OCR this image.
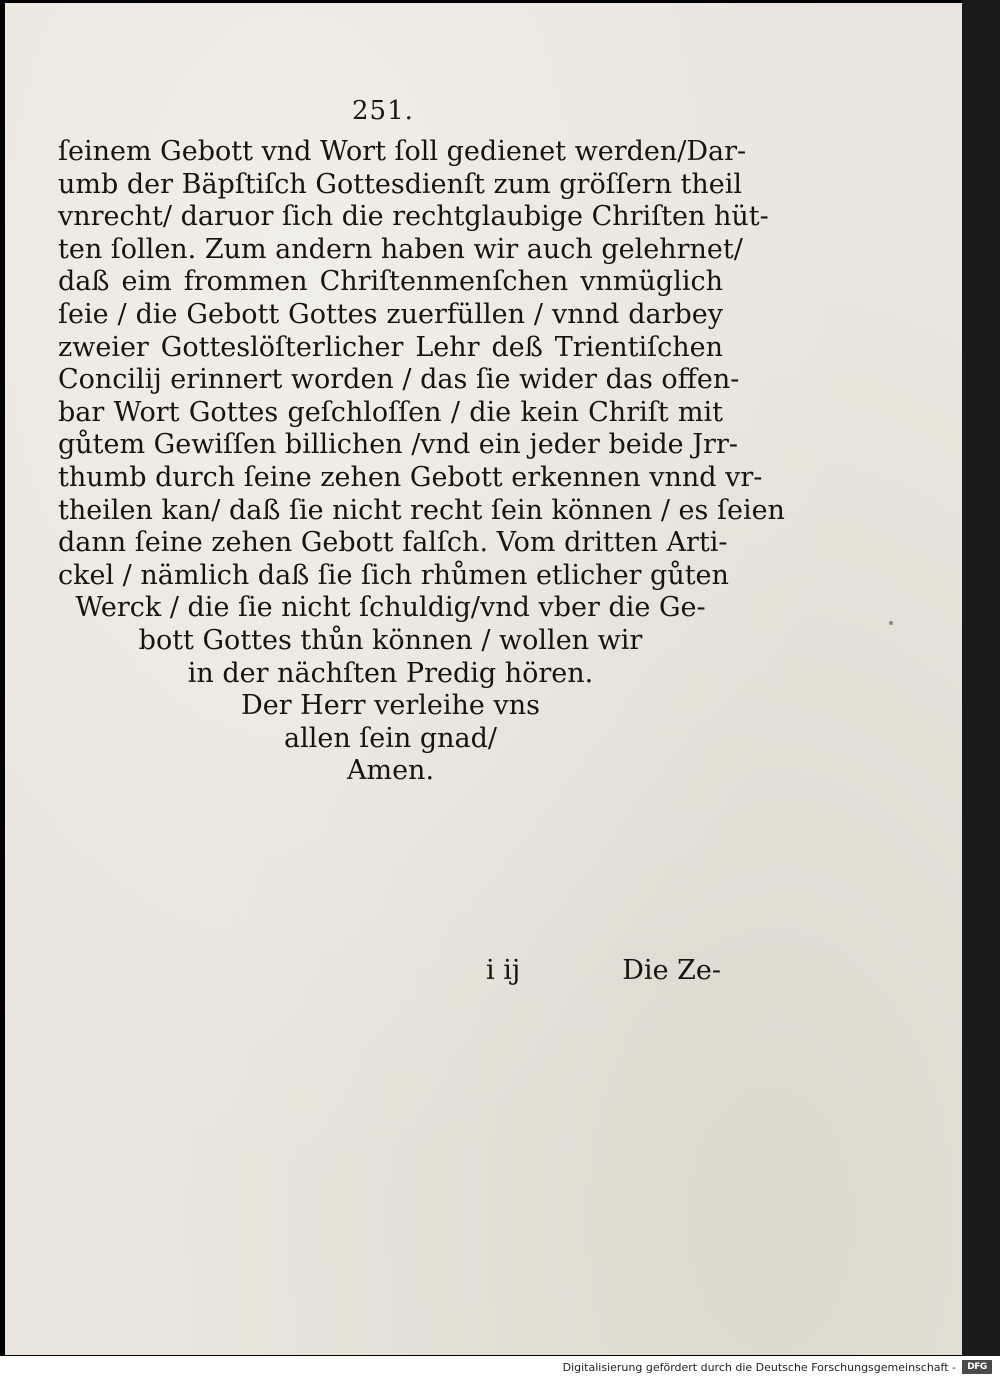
251.
ſeinem Gebott vnd Wort ſoll gedienet werden/Dar-
umb der Bäpſtiſch Gottesdienſt zum gröſſern theil
vnrecht/ daruor ſich die rechtglaubige Chriſten hüt-
ten ſollen. Zum andern haben wir auch gelehrnet/
daß eim frommen Chriſtenmenſchen vnmüglich
ſeie / die Gebott Gottes zuerfüllen / vnnd darbey
zweier Gotteslöſterlicher Lehr deß Trientiſchen
Concilij erinnert worden / das ſie wider das offen-
bar Wort Gottes geſchloſſen / die kein Chriſt mit
gůtem Gewiſſen billichen /vnd ein jeder beide Jrr-
thumb durch ſeine zehen Gebott erkennen vnnd vr-
theilen kan/ daß ſie nicht recht ſein können / es ſeien
dann ſeine zehen Gebott falſch. Vom dritten Arti-
ckel / nämlich daß ſie ſich rhůmen etlicher gůten
Werck / die ſie nicht ſchuldig/vnd vber die Ge-
bott Gottes thůn können / wollen wir
in der nächſten Predig hören.
Der Herr verleihe vns
allen ſein gnad/
Amen.
i ij	Die Ze-
Digitalisierung gefördert durch die Deutsche Forschungsgemeinschaft -	DFG
